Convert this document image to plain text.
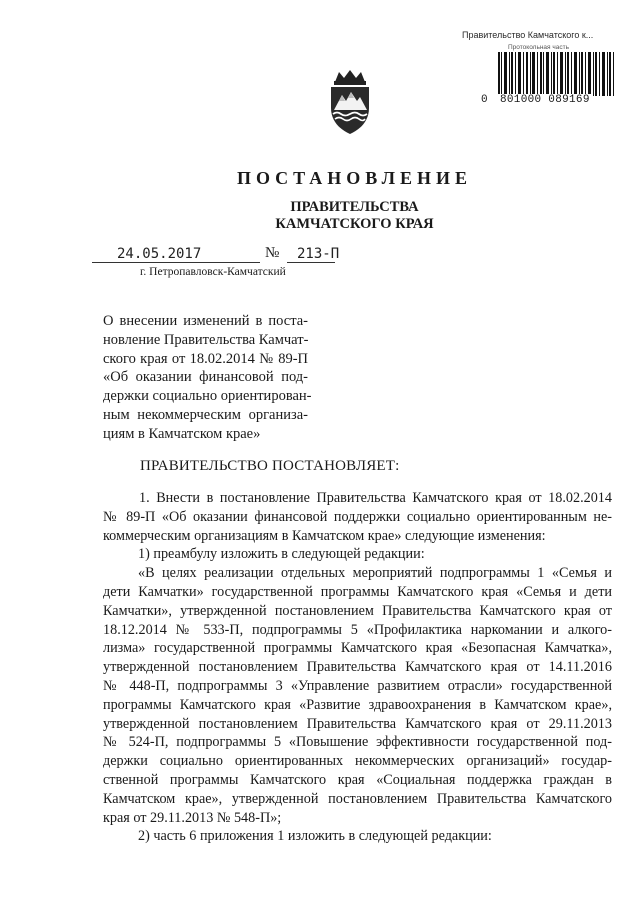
Правительство Камчатского к...
Протокольная часть
0 801000 089169
ПОСТАНОВЛЕНИЕ
ПРАВИТЕЛЬСТВА
КАМЧАТСКОГО КРАЯ
24.05.2017	№ 213-П
г. Петропавловск-Камчатский
О внесении изменений в поста-
новление Правительства Камчат-
ского края от 18.02.2014 № 89-П
«Об оказании финансовой под-
держки социально ориентирован-
ным некоммерческим организа-
циям в Камчатском крае»
ПРАВИТЕЛЬСТВО ПОСТАНОВЛЯЕТ:
1. Внести в постановление Правительства Камчатского края от 18.02.2014
№ 89-П «Об оказании финансовой поддержки социально ориентированным не-
коммерческим организациям в Камчатском крае» следующие изменения:
1) преамбулу изложить в следующей редакции:
«В целях реализации отдельных мероприятий подпрограммы 1 «Семья и
дети Камчатки» государственной программы Камчатского края «Семья и дети
Камчатки», утвержденной постановлением Правительства Камчатского края от
18.12.2014 № 533-П, подпрограммы 5 «Профилактика наркомании и алкого-
лизма» государственной программы Камчатского края «Безопасная Камчатка»,
утвержденной постановлением Правительства Камчатского края от 14.11.2016
№ 448-П, подпрограммы 3 «Управление развитием отрасли» государственной
программы Камчатского края «Развитие здравоохранения в Камчатском крае»,
утвержденной постановлением Правительства Камчатского края от 29.11.2013
№ 524-П, подпрограммы 5 «Повышение эффективности государственной под-
держки социально ориентированных некоммерческих организаций» государ-
ственной программы Камчатского края «Социальная поддержка граждан в
Камчатском крае», утвержденной постановлением Правительства Камчатского
края от 29.11.2013 № 548-П»;
2) часть 6 приложения 1 изложить в следующей редакции:
